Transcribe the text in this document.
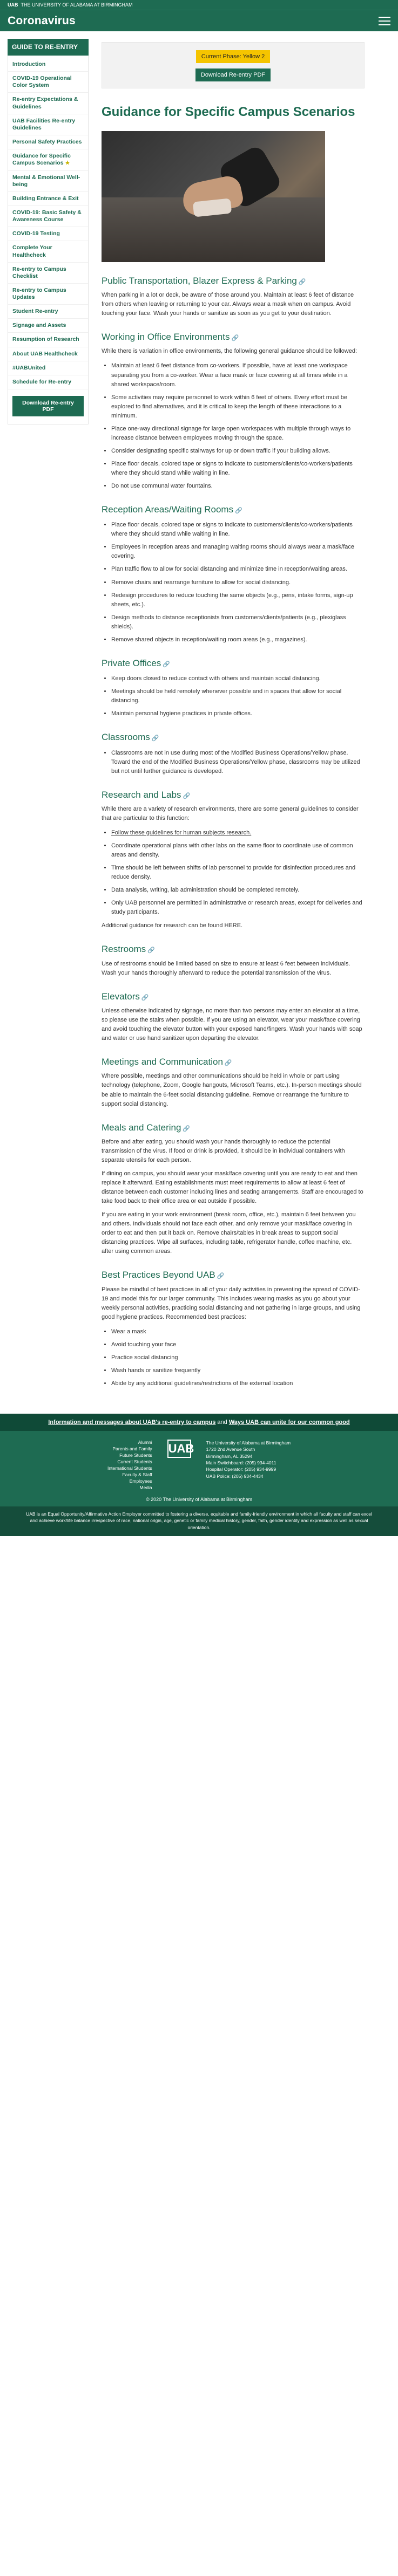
UAB THE UNIVERSITY OF ALABAMA AT BIRMINGHAM
Coronavirus
GUIDE TO RE-ENTRY
Introduction
COVID-19 Operational Color System
Re-entry Expectations & Guidelines
UAB Facilities Re-entry Guidelines
Personal Safety Practices
Guidance for Specific Campus Scenarios ★
Mental & Emotional Well-being
Building Entrance & Exit
COVID-19: Basic Safety & Awareness Course
COVID-19 Testing
Complete Your Healthcheck
Re-entry to Campus Checklist
Re-entry to Campus Updates
Student Re-entry
Signage and Assets
Resumption of Research
About UAB Healthcheck
#UABUnited
Schedule for Re-entry
Download Re-entry PDF
Current Phase: Yellow 2
Download Re-entry PDF
Guidance for Specific Campus Scenarios
Public Transportation, Blazer Express & Parking 🔗

When parking in a lot or deck, be aware of those around you. Maintain at least 6 feet of distance from others when leaving or returning to your car. Always wear a mask when on campus. Avoid touching your face. Wash your hands or sanitize as soon as you get to your destination.

Working in Office Environments 🔗

While there is variation in office environments, the following general guidance should be followed:

• Maintain at least 6 feet distance from co-workers. If possible, have at least one workspace separating you from a co-worker. Wear a face mask or face covering at all times while in a shared workspace/room.
• Some activities may require personnel to work within 6 feet of others. Every effort must be explored to find alternatives, and it is critical to keep the length of these interactions to a minimum.
• Place one-way directional signage for large open workspaces with multiple through ways to increase distance between employees moving through the space.
• Consider designating specific stairways for up or down traffic if your building allows.
• Place floor decals, colored tape or signs to indicate to customers/clients/co-workers/patients where they should stand while waiting in line.
• Do not use communal water fountains.
Reception Areas/Waiting Rooms 🔗
• Place floor decals, colored tape or signs to indicate to customers/clients/co-workers/patients where they should stand while waiting in line.
• Employees in reception areas and managing waiting rooms should always wear a mask/face covering.
• Plan traffic flow to allow for social distancing and minimize time in reception/waiting areas.
• Remove chairs and rearrange furniture to allow for social distancing.
• Redesign procedures to reduce touching the same objects (e.g., pens, intake forms, sign-up sheets, etc.).
• Design methods to distance receptionists from customers/clients/patients (e.g., plexiglass shields).
• Remove shared objects in reception/waiting room areas (e.g., magazines).
Private Offices 🔗
• Keep doors closed to reduce contact with others and maintain social distancing.
• Meetings should be held remotely whenever possible and in spaces that allow for social distancing.
• Maintain personal hygiene practices in private offices.
Classrooms 🔗
• Classrooms are not in use during most of the Modified Business Operations/Yellow phase. Toward the end of the Modified Business Operations/Yellow phase, classrooms may be utilized but not until further guidance is developed.
Research and Labs 🔗

While there are a variety of research environments, there are some general guidelines to consider that are particular to this function:

• Follow these guidelines for human subjects research.
• Coordinate operational plans with other labs on the same floor to coordinate use of common areas and density.
• Time should be left between shifts of lab personnel to provide for disinfection procedures and reduce density.
• Data analysis, writing, lab administration should be completed remotely.
• Only UAB personnel are permitted in administrative or research areas, except for deliveries and study participants.

Additional guidance for research can be found HERE.

Restrooms 🔗

Use of restrooms should be limited based on size to ensure at least 6 feet between individuals. Wash your hands thoroughly afterward to reduce the potential transmission of the virus.

Elevators 🔗

Unless otherwise indicated by signage, no more than two persons may enter an elevator at a time, so please use the stairs when possible. If you are using an elevator, wear your mask/face covering and avoid touching the elevator button with your exposed hand/fingers. Wash your hands with soap and water or use hand sanitizer upon departing the elevator.

Meetings and Communication 🔗

Where possible, meetings and other communications should be held in whole or part using technology (telephone, Zoom, Google hangouts, Microsoft Teams, etc.). In-person meetings should be able to maintain the 6-feet social distancing guideline. Remove or rearrange the furniture to support social distancing.

Meals and Catering 🔗

Before and after eating, you should wash your hands thoroughly to reduce the potential transmission of the virus. If food or drink is provided, it should be in individual containers with separate utensils for each person.

If dining on campus, you should wear your mask/face covering until you are ready to eat and then replace it afterward. Eating establishments must meet requirements to allow at least 6 feet of distance between each customer including lines and seating arrangements. Staff are encouraged to take food back to their office area or eat outside if possible.

If you are eating in your work environment (break room, office, etc.), maintain 6 feet between you and others. Individuals should not face each other, and only remove your mask/face covering in order to eat and then put it back on. Remove chairs/tables in break areas to support social distancing practices. Wipe all surfaces, including table, refrigerator handle, coffee machine, etc. after using common areas.

Best Practices Beyond UAB 🔗

Please be mindful of best practices in all of your daily activities in preventing the spread of COVID-19 and model this for our larger community. This includes wearing masks as you go about your weekly personal activities, practicing social distancing and not gathering in large groups, and using good hygiene practices. Recommended best practices:

• Wear a mask
• Avoid touching your face
• Practice social distancing
• Wash hands or sanitize frequently
• Abide by any additional guidelines/restrictions of the external location
Information and messages about UAB's re-entry to campus and Ways UAB can unite for our common good
Alumni
Parents and Family
Future Students
Current Students
International Students
Faculty & Staff
Employees
Media
UAB	The University of Alabama at Birmingham
1720 2nd Avenue South
Birmingham, AL 35294
Main Switchboard: (205) 934-4011
Hospital Operator: (205) 934-9999
UAB Police: (205) 934-4434
© 2020 The University of Alabama at Birmingham
UAB is an Equal Opportunity/Affirmative Action Employer committed to fostering a diverse, equitable and family-friendly environment in which all faculty and staff can excel and achieve work/life balance irrespective of race, national origin, age, genetic or family medical history, gender, faith, gender identity and expression as well as sexual orientation.
